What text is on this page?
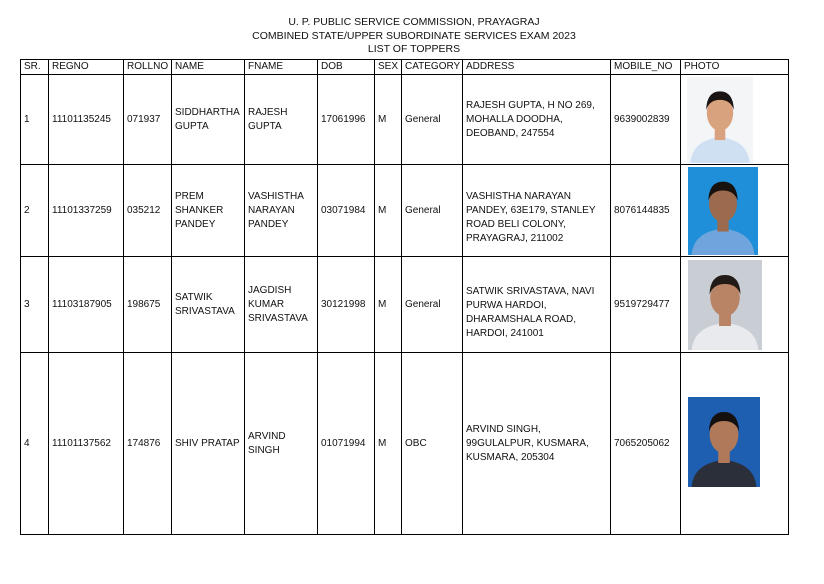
U. P. PUBLIC SERVICE COMMISSION, PRAYAGRAJ
COMBINED STATE/UPPER SUBORDINATE SERVICES EXAM 2023
LIST OF TOPPERS
SR.	REGNO	ROLLNO	NAME	FNAME	DOB	SEX	CATEGORY	ADDRESS	MOBILE_NO	PHOTO
1	11101135245	071937	SIDDHARTHA GUPTA	RAJESH GUPTA	17061996	M	General	RAJESH GUPTA, H NO 269, MOHALLA DOODHA, DEOBAND, 247554	9639002839	

2	11101337259	035212	PREM SHANKER PANDEY	VASHISTHA NARAYAN PANDEY	03071984	M	General	VASHISTHA NARAYAN PANDEY, 63E179, STANLEY ROAD BELI COLONY, PRAYAGRAJ, 211002	8076144835	

3	11103187905	198675	SATWIK SRIVASTAVA	JAGDISH KUMAR SRIVASTAVA	30121998	M	General	SATWIK SRIVASTAVA, NAVI PURWA HARDOI, DHARAMSHALA ROAD, HARDOI, 241001	9519729477	

4	11101137562	174876	SHIV PRATAP	ARVIND SINGH	01071994	M	OBC	ARVIND SINGH, 99GULALPUR, KUSMARA, KUSMARA, 205304	7065205062	
